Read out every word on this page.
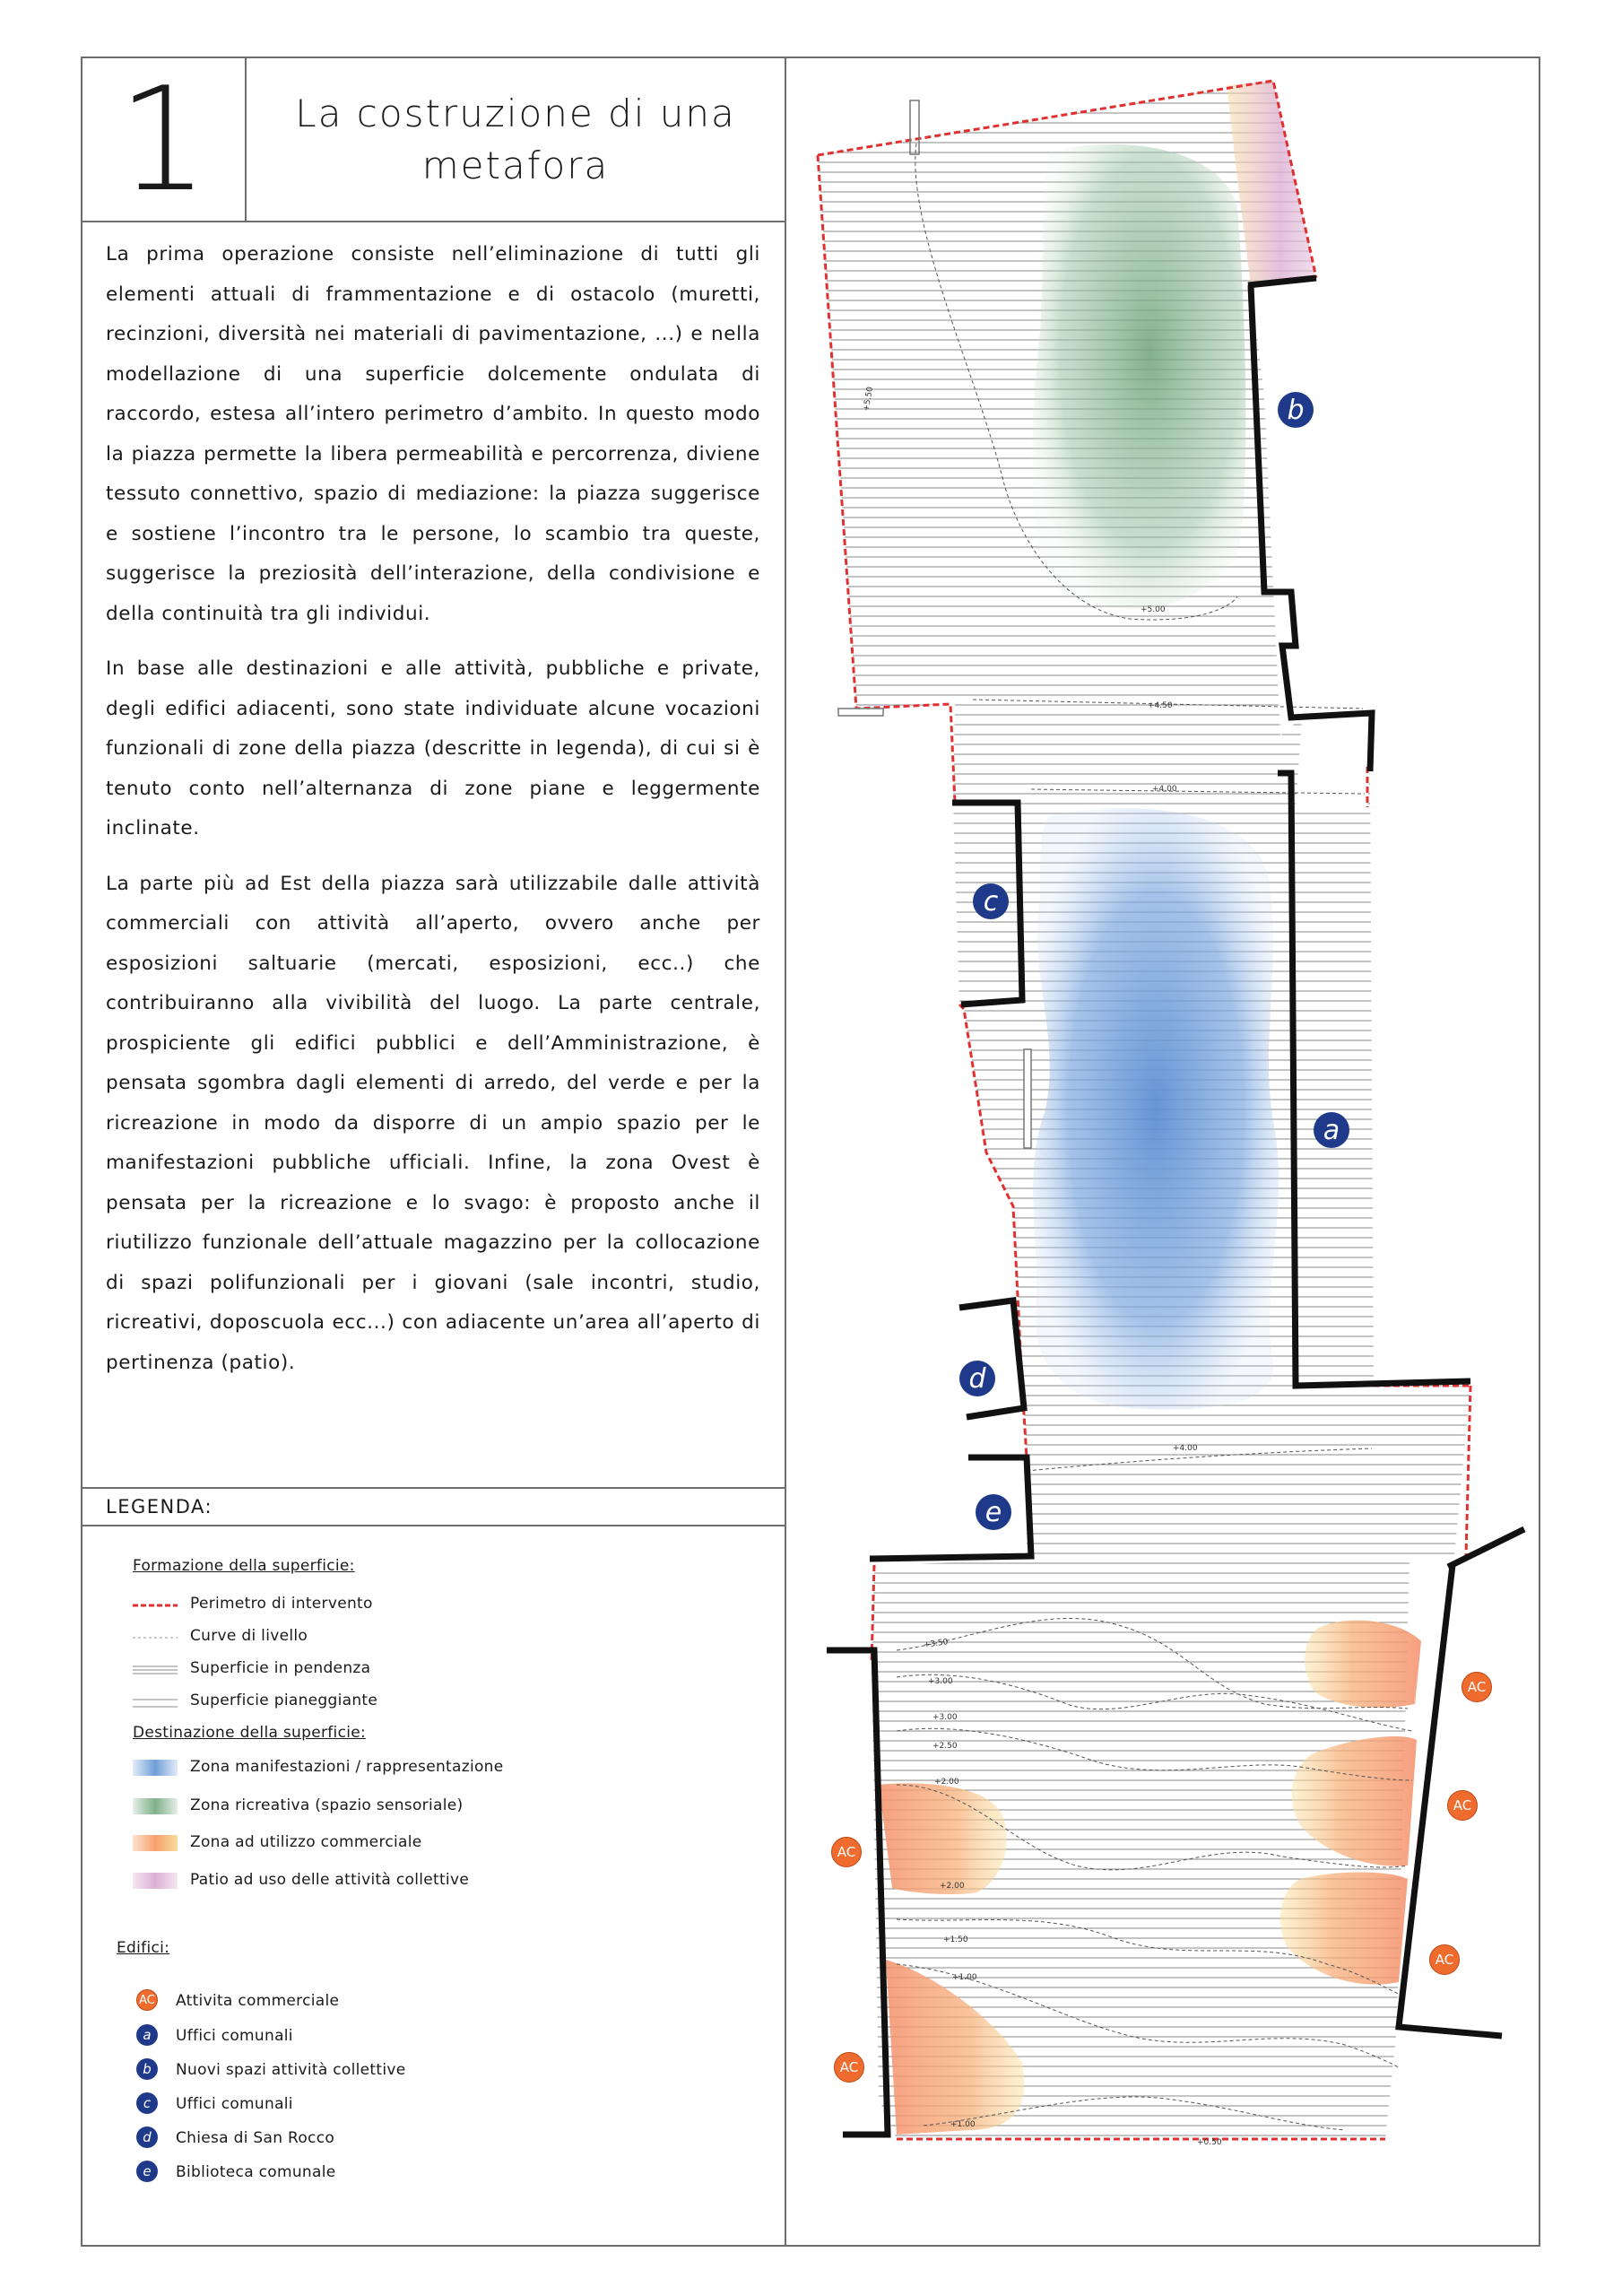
1	La costruzione di una
metafora

La prima operazione consiste nell’eliminazione di tutti gli elementi attuali di frammentazione e di ostacolo (muretti, recinzioni, diversità nei materiali di pavimentazione, ...) e nella modellazione di una superficie dolcemente ondulata di raccordo, estesa all’intero perimetro d’ambito. In questo modo la piazza permette la libera permeabilità e percorrenza, diviene tessuto connettivo, spazio di mediazione: la piazza suggerisce e sostiene l’incontro tra le persone, lo scambio tra queste, suggerisce la preziosità dell’interazione, della condivisione e della continuità tra gli individui.

In base alle destinazioni e alle attività, pubbliche e private, degli edifici adiacenti, sono state individuate alcune vocazioni funzionali di zone della piazza (descritte in legenda), di cui si è tenuto conto nell’alternanza di zone piane e leggermente inclinate.

La parte più ad Est della piazza sarà utilizzabile dalle attività commerciali con attività all’aperto, ovvero anche per esposizioni saltuarie (mercati, esposizioni, ecc..) che contribuiranno alla vivibilità del luogo. La parte centrale, prospiciente gli edifici pubblici e dell’Amministrazione, è pensata sgombra dagli elementi di arredo, del verde e per la ricreazione in modo da disporre di un ampio spazio per le manifestazioni pubbliche ufficiali. Infine, la zona Ovest è pensata per la ricreazione e lo svago: è proposto anche il riutilizzo funzionale dell’attuale magazzino per la collocazione di spazi polifunzionali per i giovani (sale incontri, studio, ricreativi, doposcuola ecc...) con adiacente un’area all’aperto di pertinenza (patio).

LEGENDA:
Formazione della superficie:
Perimetro di intervento
Curve di livello
Superficie in pendenza
Superficie pianeggiante
Destinazione della superficie:
Zona manifestazioni / rappresentazione
Zona ricreativa (spazio sensoriale)
Zona ad utilizzo commerciale
Patio ad uso delle attività collettive
Edifici:
AC Attivita commerciale
a	Uffici comunali
b	Nuovi spazi attività collettive
c	Uffici comunali
d	Chiesa di San Rocco
e	Biblioteca comunale
b
c
a
d
e
AC
AC
AC
AC
AC
+5.50
+5.00
+4.50
+4.00
+4.00
+3.50
+3.00
+3.00
+2.50
+2.00
+2.00
+1.50
+1.00
+1.00
+0.50
